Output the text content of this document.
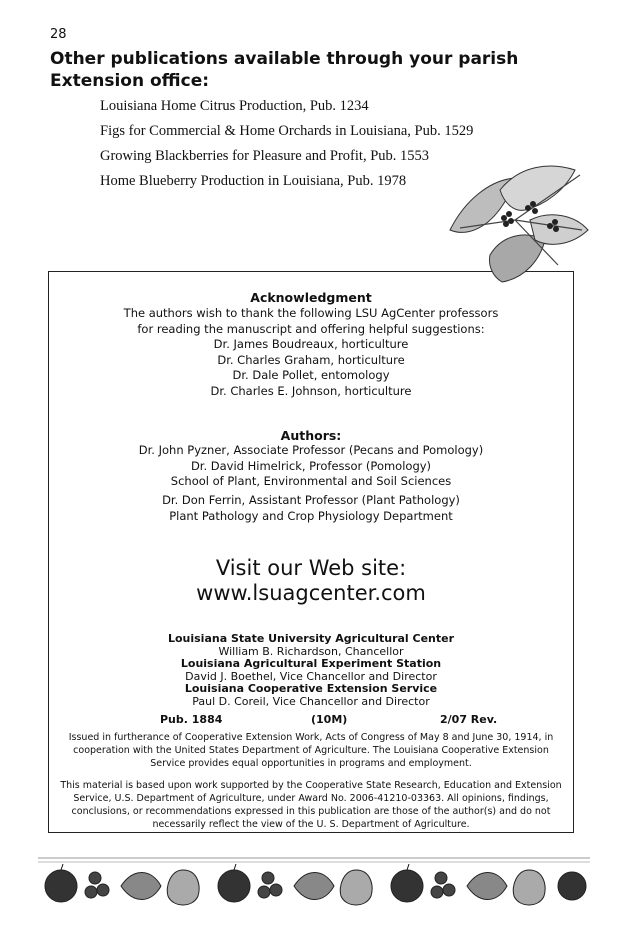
28
Other publications available through your parish Extension office:
Louisiana Home Citrus Production, Pub. 1234
Figs for Commercial & Home Orchards in Louisiana, Pub. 1529
Growing Blackberries for Pleasure and Profit, Pub. 1553
Home Blueberry Production in Louisiana, Pub. 1978
Acknowledgment
The authors wish to thank the following LSU AgCenter professors
for reading the manuscript and offering helpful suggestions:
Dr. James Boudreaux, horticulture
Dr. Charles Graham, horticulture
Dr. Dale Pollet, entomology
Dr. Charles E. Johnson, horticulture
Authors:
Dr. John Pyzner, Associate Professor (Pecans and Pomology)
Dr. David Himelrick, Professor (Pomology)
School of Plant, Environmental and Soil Sciences
Dr. Don Ferrin, Assistant Professor (Plant Pathology)
Plant Pathology and Crop Physiology Department
Visit our Web site:
www.lsuagcenter.com
Louisiana State University Agricultural Center
William B. Richardson, Chancellor
Louisiana Agricultural Experiment Station
David J. Boethel, Vice Chancellor and Director
Louisiana Cooperative Extension Service
Paul D. Coreil, Vice Chancellor and Director
Pub. 1884	(10M)	2/07 Rev.
Issued in furtherance of Cooperative Extension Work, Acts of Congress of May 8 and June 30, 1914, in cooperation with the United States Department of Agriculture. The Louisiana Cooperative Extension Service provides equal opportunities in programs and employment.
This material is based upon work supported by the Cooperative State Research, Education and Extension Service, U.S. Department of Agriculture, under Award No. 2006-41210-03363. All opinions, findings, conclusions, or recommendations expressed in this publication are those of the author(s) and do not necessarily reflect the view of the U. S. Department of Agriculture.
